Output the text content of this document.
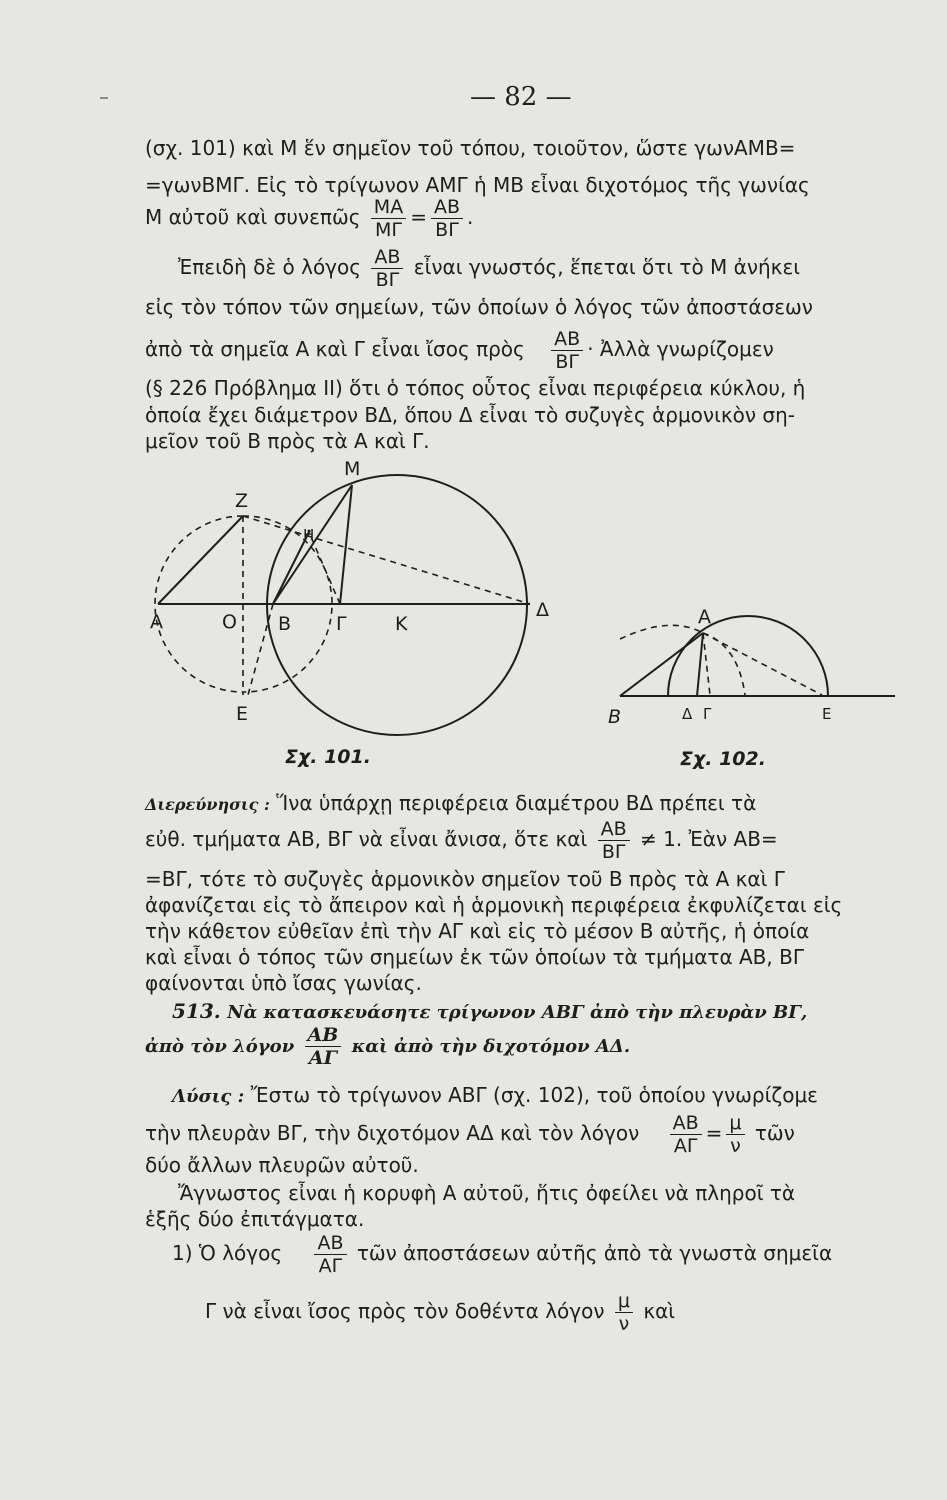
— 82 —
(σχ. 101) καὶ Μ ἕν σημεῖον τοῦ τόπου, τοιοῦτον, ὥστε γωνΑΜΒ=
=γωνΒΜΓ. Εἰς τὸ τρίγωνον ΑΜΓ ἡ ΜΒ εἶναι διχοτόμος τῆς γωνίας
Μ αὐτοῦ καὶ συνεπῶς $\frac{MA}{M\Gamma} = \frac{AB}{B\Gamma}$ .
Ἐπειδὴ δὲ ὁ λόγος $\frac{AB}{B\Gamma}$ εἶναι γνωστός, ἕπεται ὅτι τὸ Μ ἀνήκει
εἰς τὸν τόπον τῶν σημείων, τῶν ὁποίων ὁ λόγος τῶν ἀποστάσεων
ἀπὸ τὰ σημεῖα Α καὶ Γ εἶναι ἴσος πρὸς $\frac{AB}{B\Gamma}$ · Ἀλλὰ γνωρίζομεν
(§ 226 Πρόβλημα ΙΙ) ὅτι ὁ τόπος οὗτος εἶναι περιφέρεια κύκλου, ἡ
ὁποία ἔχει διάμετρον ΒΔ, ὅπου Δ εἶναι τὸ συζυγὲς ἁρμονικὸν ση-
μεῖον τοῦ Β πρὸς τὰ Α καὶ Γ.
Μ
Ζ
Η
Α	Ο Β Γ	Κ
Δ
Ε
Σχ. 101.
Α
Β	Δ Γ	Ε
Σχ. 102.
Διερεύνησις : Ἵνα ὑπάρχῃ περιφέρεια διαμέτρου ΒΔ πρέπει τὰ
εὐθ. τμήματα ΑΒ, ΒΓ νὰ εἶναι ἄνισα, ὅτε καὶ $\frac{AB}{B\Gamma} \ne 1$. Ἐὰν ΑΒ=
=ΒΓ, τότε τὸ συζυγὲς ἁρμονικὸν σημεῖον τοῦ Β πρὸς τὰ Α καὶ Γ
ἀφανίζεται εἰς τὸ ἄπειρον καὶ ἡ ἁρμονικὴ περιφέρεια ἐκφυλίζεται εἰς
τὴν κάθετον εὐθεῖαν ἐπὶ τὴν ΑΓ καὶ εἰς τὸ μέσον Β αὐτῆς, ἡ ὁποία
καὶ εἶναι ὁ τόπος τῶν σημείων ἐκ τῶν ὁποίων τὰ τμήματα ΑΒ, ΒΓ
φαίνονται ὑπὸ ἴσας γωνίας.
513. Νὰ κατασκευάσητε τρίγωνον ΑΒΓ ἀπὸ τὴν πλευρὰν ΒΓ,
ἀπὸ τὸν λόγον $\frac{AB}{A\Gamma}$ καὶ ἀπὸ τὴν διχοτόμον ΑΔ.
Λύσις : Ἔστω τὸ τρίγωνον ΑΒΓ (σχ. 102), τοῦ ὁποίου γνωρίζομε
τὴν πλευρὰν ΒΓ, τὴν διχοτόμον ΑΔ καὶ τὸν λόγον $\frac{AB}{A\Gamma} = \frac{\mu}{\nu}$ τῶν
δύο ἄλλων πλευρῶν αὐτοῦ.
Ἄγνωστος εἶναι ἡ κορυφὴ Α αὐτοῦ, ἥτις ὀφείλει νὰ πληροῖ τὰ
ἑξῆς δύο ἐπιτάγματα.
1) Ὁ λόγος $\frac{AB}{A\Gamma}$ τῶν ἀποστάσεων αὐτῆς ἀπὸ τὰ γνωστὰ σημεῖα
Γ νὰ εἶναι ἴσος πρὸς τὸν δοθέντα λόγον $\frac{\mu}{\nu}$ καὶ
